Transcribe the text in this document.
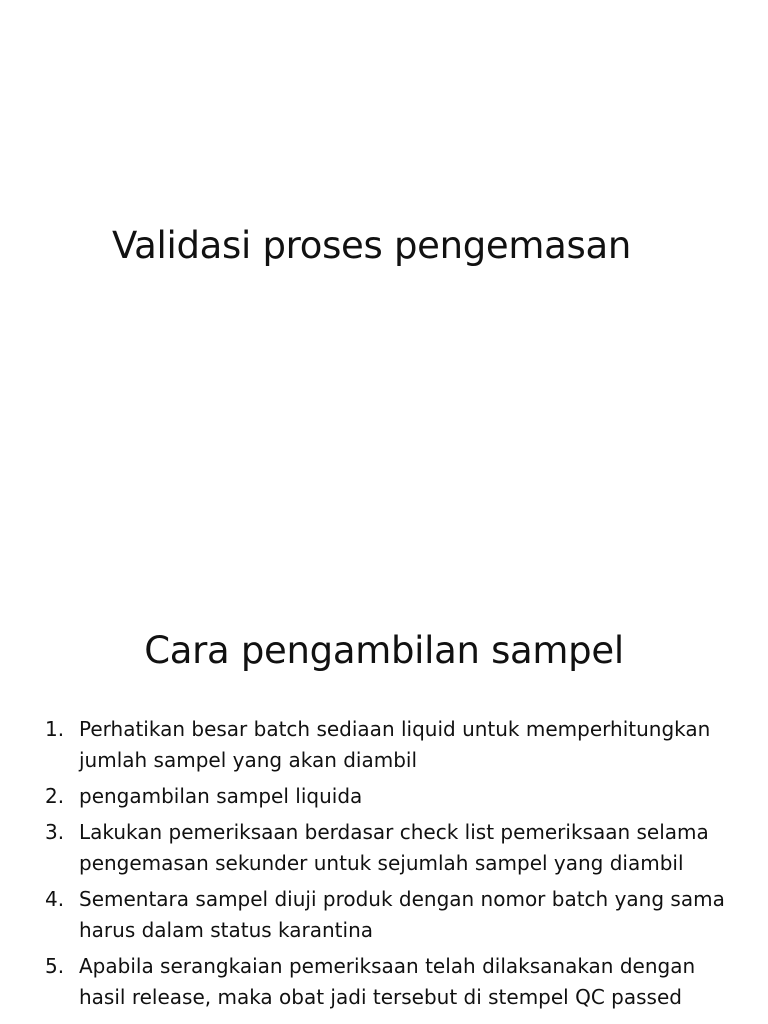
Validasi proses pengemasan
Cara pengambilan sampel
1. Perhatikan besar batch sediaan liquid untuk memperhitungkan jumlah sampel yang akan diambil
2. pengambilan sampel liquida
3. Lakukan pemeriksaan berdasar check list pemeriksaan selama pengemasan sekunder untuk sejumlah sampel yang diambil
4. Sementara sampel diuji produk dengan nomor batch yang sama harus dalam status karantina
5. Apabila serangkaian pemeriksaan telah dilaksanakan dengan hasil release, maka obat jadi tersebut di stempel QC passed
